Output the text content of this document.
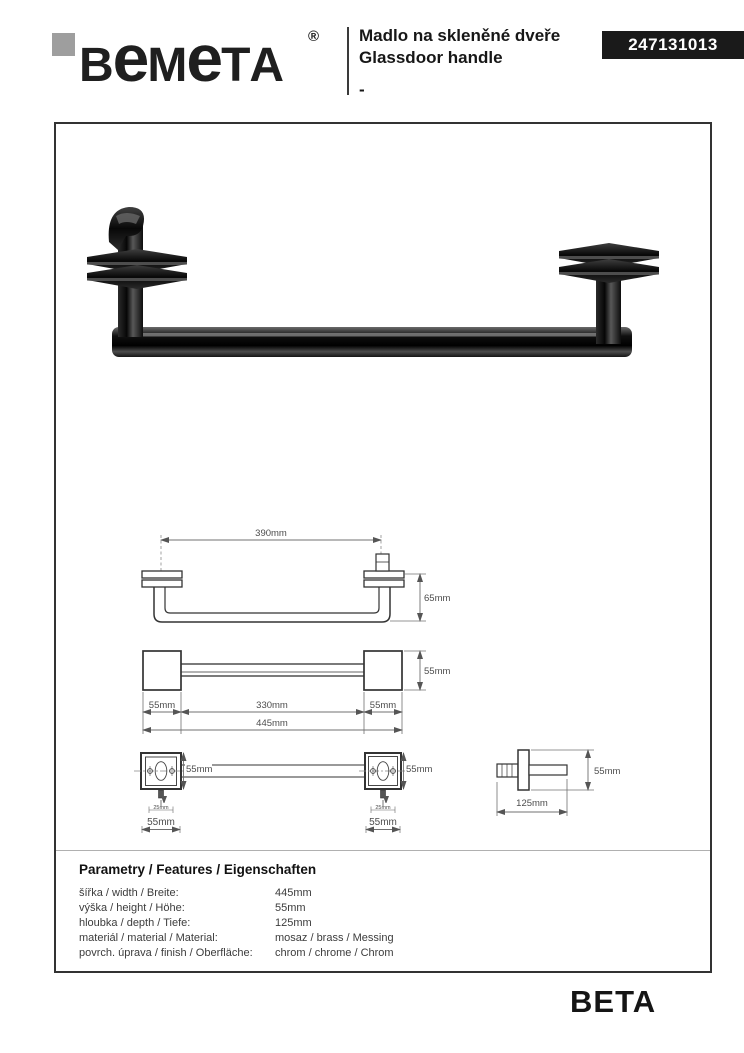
B e M e T A
® Madlo na skleněné dveře
Glassdoor handle
-
247131013
390mm
65mm
55mm
55mm	330mm	55mm
445mm
55mm
25mm
55mm
55mm
25mm
55mm
55mm
125mm
Parametry / Features / Eigenschaften
šířka / width / Breite:	445mm
výška / height / Höhe:	55mm
hloubka / depth / Tiefe:	125mm
materiál / material / Material:	mosaz / brass / Messing
povrch. úprava / finish / Oberfläche:	chrom / chrome / Chrom
BETA
